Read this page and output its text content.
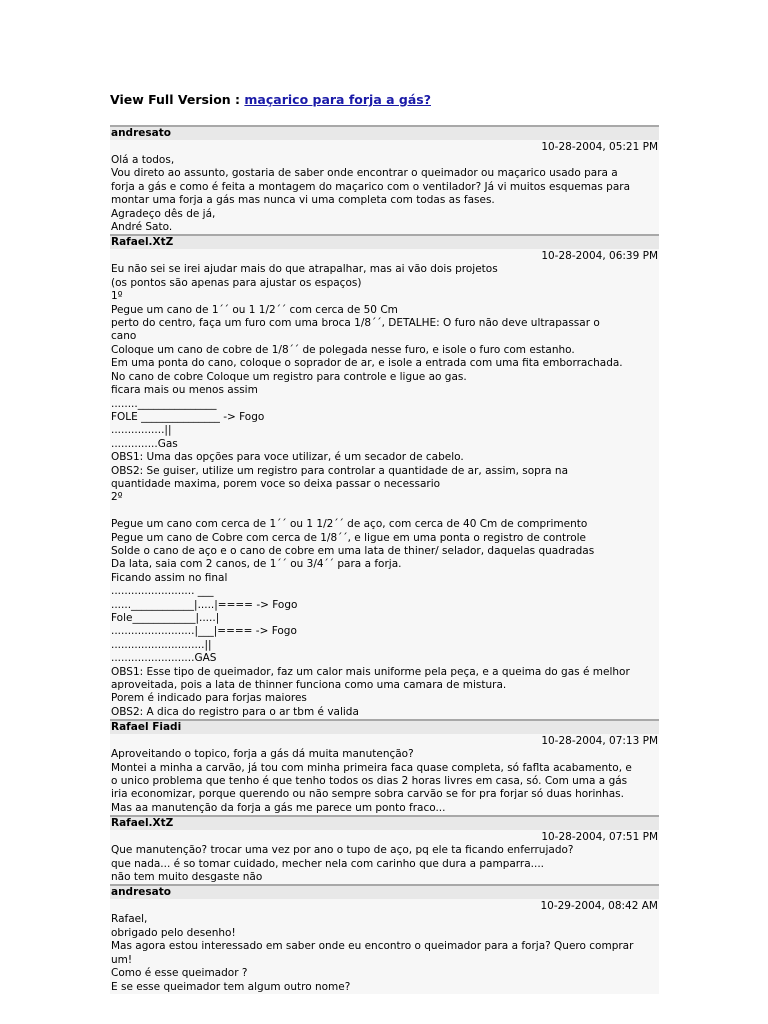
View Full Version : maçarico para forja a gás?
andresato
10-28-2004, 05:21 PM
Olá a todos,
Vou direto ao assunto, gostaria de saber onde encontrar o queimador ou maçarico usado para a
forja a gás e como é feita a montagem do maçarico com o ventilador? Já vi muitos esquemas para
montar uma forja a gás mas nunca vi uma completa com todas as fases.
Agradeço dês de já,
André Sato.
Rafael.XtZ
10-28-2004, 06:39 PM
Eu não sei se irei ajudar mais do que atrapalhar, mas ai vão dois projetos
(os pontos são apenas para ajustar os espaços)
1º
Pegue um cano de 1´´ ou 1 1/2´´ com cerca de 50 Cm
perto do centro, faça um furo com uma broca 1/8´´, DETALHE: O furo não deve ultrapassar o
cano
Coloque um cano de cobre de 1/8´´ de polegada nesse furo, e isole o furo com estanho.
Em uma ponta do cano, coloque o soprador de ar, e isole a entrada com uma fita emborrachada.
No cano de cobre Coloque um registro para controle e ligue ao gas.
ficara mais ou menos assim
........_______________
FOLE _______________ -> Fogo
................||
..............Gas
OBS1: Uma das opções para voce utilizar, é um secador de cabelo.
OBS2: Se guiser, utilize um registro para controlar a quantidade de ar, assim, sopra na
quantidade maxima, porem voce so deixa passar o necessario
2º
Pegue um cano com cerca de 1´´ ou 1 1/2´´ de aço, com cerca de 40 Cm de comprimento
Pegue um cano de Cobre com cerca de 1/8´´, e ligue em uma ponta o registro de controle
Solde o cano de aço e o cano de cobre em uma lata de thiner/ selador, daquelas quadradas
Da lata, saia com 2 canos, de 1´´ ou 3/4´´ para a forja.
Ficando assim no final
......................... ___
......____________|.....|==== -> Fogo
Fole____________|.....|
.........................|___|==== -> Fogo
............................||
.........................GAS
OBS1: Esse tipo de queimador, faz um calor mais uniforme pela peça, e a queima do gas é melhor
aproveitada, pois a lata de thinner funciona como uma camara de mistura.
Porem é indicado para forjas maiores
OBS2: A dica do registro para o ar tbm é valida
Rafael Fiadi
10-28-2004, 07:13 PM
Aproveitando o topico, forja a gás dá muita manutenção?
Montei a minha a carvão, já tou com minha primeira faca quase completa, só faflta acabamento, e
o unico problema que tenho é que tenho todos os dias 2 horas livres em casa, só. Com uma a gás
iria economizar, porque querendo ou não sempre sobra carvão se for pra forjar só duas horinhas.
Mas aa manutenção da forja a gás me parece um ponto fraco...
Rafael.XtZ
10-28-2004, 07:51 PM
Que manutenção? trocar uma vez por ano o tupo de aço, pq ele ta ficando enferrujado?
que nada... é so tomar cuidado, mecher nela com carinho que dura a pamparra....
não tem muito desgaste não
andresato
10-29-2004, 08:42 AM
Rafael,
obrigado pelo desenho!
Mas agora estou interessado em saber onde eu encontro o queimador para a forja? Quero comprar
um!
Como é esse queimador ?
E se esse queimador tem algum outro nome?
